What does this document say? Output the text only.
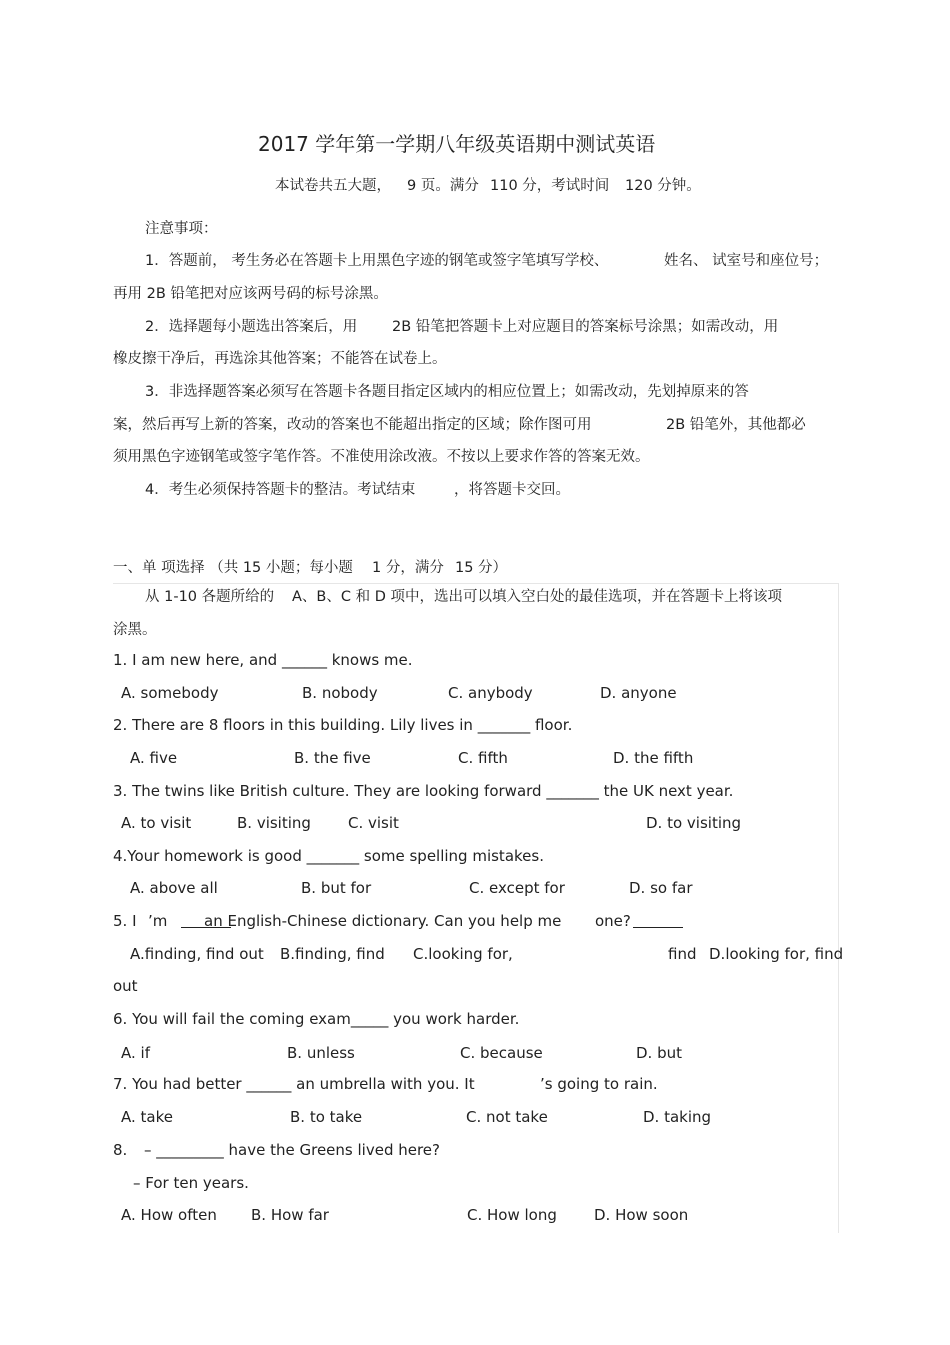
2017 学年第一学期八年级英语期中测试英语
本试卷共五大题， 9 页。满分 110 分，考试时间 120 分钟。
注意事项：
1．答题前， 考生务必在答题卡上用黑色字迹的钢笔或签字笔填写学校、	姓名、 试室号和座位号；
再用 2B 铅笔把对应该两号码的标号涂黑。
2．选择题每小题选出答案后，用 2B 铅笔把答题卡上对应题目的答案标号涂黑；如需改动，用
橡皮擦干净后，再选涂其他答案；不能答在试卷上。
3．非选择题答案必须写在答题卡各题目指定区域内的相应位置上；如需改动，先划掉原来的答
案，然后再写上新的答案，改动的答案也不能超出指定的区域；除作图可用	2B 铅笔外，其他都必
须用黑色字迹钢笔或签字笔作答。不准使用涂改液。不按以上要求作答的答案无效。
4．考生必须保持答题卡的整洁。考试结束	，将答题卡交回。
一、单 项选择 （共 15 小题；每小题 1 分，满分 15 分）
从 1-10 各题所给的 A、B、C 和 D 项中，选出可以填入空白处的最佳选项，并在答题卡上将该项
涂黑。
1. I am new here, and ______ knows me.
A. somebody	B. nobody	C. anybody	D. anyone
2. There are 8 floors in this building. Lily lives in _______ floor.
A. five	B. the five	C. fifth	D. the fifth
3. The twins like British culture. They are looking forward _______ the UK next year.
A. to visit	B. visiting C. visit	D. to visiting
4.Your homework is good _______ some spelling mistakes.
A. above all	B. but for	C. except for	D. so far
5. I ’m an English-Chinese dictionary. Can you help me one?
A.finding, find out B.finding, find C.looking for,	find D.looking for, find
out
6. You will fail the coming exam_____ you work harder.
A. if	B. unless	C. because	D. but
7. You had better ______ an umbrella with you. It	’s going to rain.
A. take	B. to take	C. not take	D. taking
8. – _________ have the Greens lived here?
– For ten years.
A. How often B. How far	C. How long D. How soon
